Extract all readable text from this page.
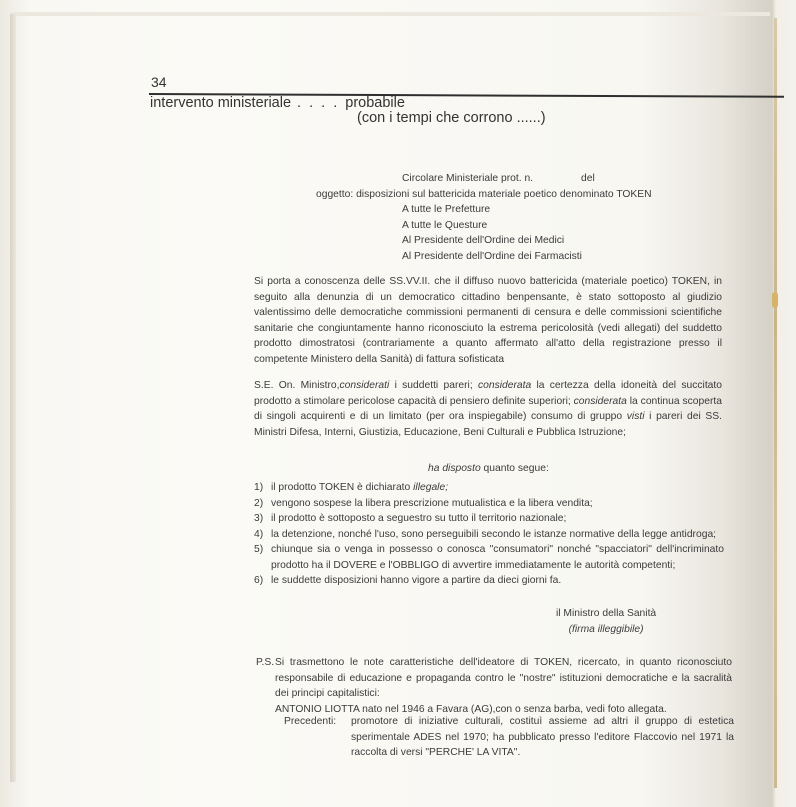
34
intervento ministeriale . . . . probabile
(con i tempi che corrono ......)
Circolare Ministeriale prot. n.	del
oggetto: disposizioni sul battericida materiale poetico denominato TOKEN
A tutte le Prefetture
A tutte le Questure
Al Presidente dell'Ordine dei Medici
Al Presidente dell'Ordine dei Farmacisti
Si porta a conoscenza delle SS.VV.II. che il diffuso nuovo battericida (materiale poetico) TOKEN, in seguito alla denunzia di un democratico cittadino benpensante, è stato sottoposto al giudizio valentissimo delle democratiche commissioni permanenti di censura e delle commissioni scientifiche sanitarie che congiuntamente hanno riconosciuto la estrema pericolosità (vedi allegati) del suddetto prodotto dimostratosi (contrariamente a quanto affermato all'atto della registrazione presso il competente Ministero della Sanità) di fattura sofisticata
S.E. On. Ministro,considerati i suddetti pareri; considerata la certezza della idoneità del succitato prodotto a stimolare pericolose capacità di pensiero definite superiori; considerata la continua scoperta di singoli acquirenti e di un limitato (per ora inspiegabile) consumo di gruppo visti i pareri dei SS. Ministri Difesa, Interni, Giustizia, Educazione, Beni Culturali e Pubblica Istruzione;
ha disposto quanto segue:
1) il prodotto TOKEN è dichiarato illegale;
2) vengono sospese la libera prescrizione mutualistica e la libera vendita;
3) il prodotto è sottoposto a seguestro su tutto il territorio nazionale;
4) la detenzione, nonché l'uso, sono perseguibili secondo le istanze normative della legge antidroga;
5) chiunque sia o venga in possesso o conosca "consumatori" nonché "spacciatori" dell'incriminato prodotto ha il DOVERE e l'OBBLIGO di avvertire immediatamente le autorità competenti;
6) le suddette disposizioni hanno vigore a partire da dieci giorni fa.
il Ministro della Sanità
(firma illeggibile)
P.S. Si trasmettono le note caratteristiche dell'ideatore di TOKEN, ricercato, in quanto riconosciuto responsabile di educazione e propaganda contro le "nostre" istituzioni democratiche e la sacralità dei principi capitalistici:
ANTONIO LIOTTA nato nel 1946 a Favara (AG),con o senza barba, vedi foto allegata.
Precedenti:	promotore di iniziative culturali, costituì assieme ad altri il gruppo di estetica sperimentale ADES nel 1970; ha pubblicato presso l'editore Flaccovio nel 1971 la raccolta di versi "PERCHE' LA VITA".
